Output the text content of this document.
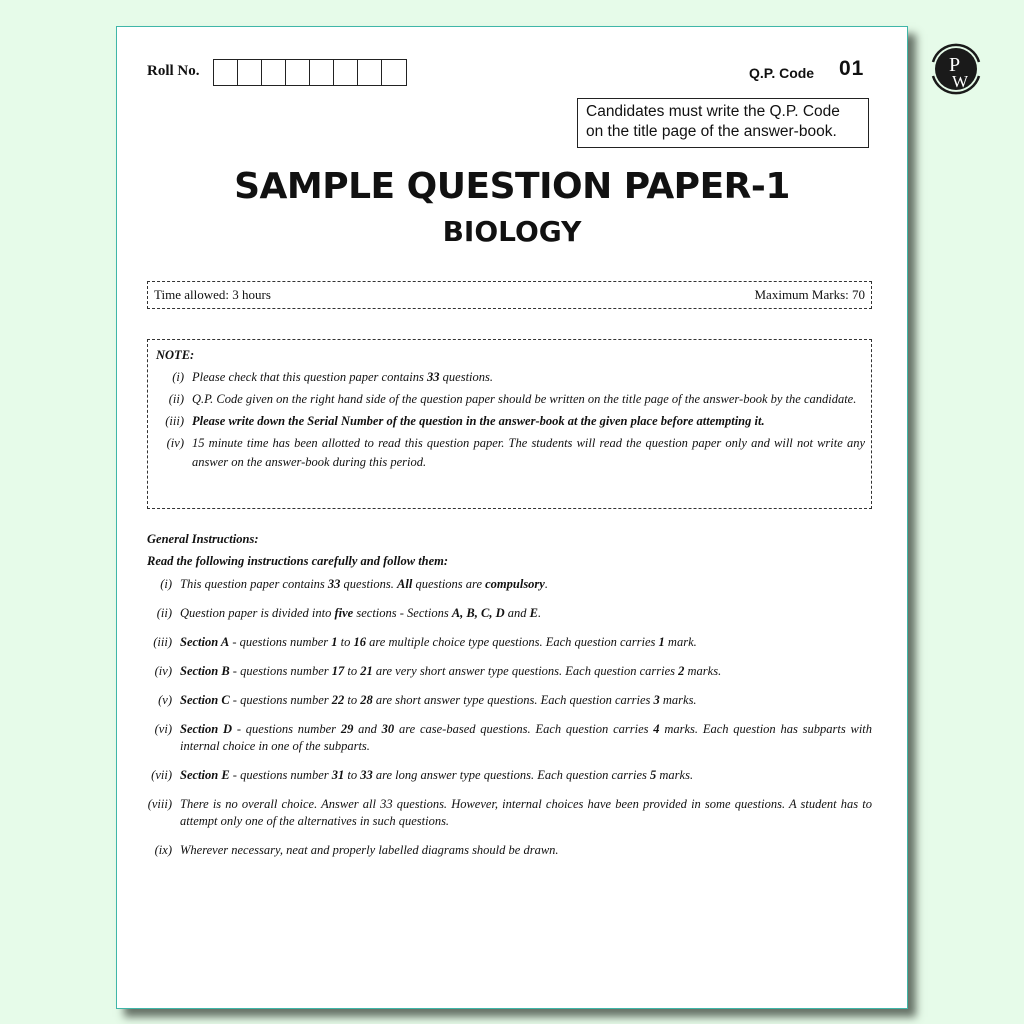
Roll No.	Q.P. Code 01
Candidates must write the Q.P. Code
on the title page of the answer-book.
SAMPLE QUESTION PAPER-1
BIOLOGY
Time allowed: 3 hours	Maximum Marks: 70
NOTE:
(i) Please check that this question paper contains 33 questions.
(ii) Q.P. Code given on the right hand side of the question paper should be written on the title page of the answer-book by the candidate.
(iii) Please write down the Serial Number of the question in the answer-book at the given place before attempting it.
(iv) 15 minute time has been allotted to read this question paper. The students will read the question paper only and will not write any answer on the answer-book during this period.
General Instructions:
Read the following instructions carefully and follow them:
(i) This question paper contains 33 questions. All questions are compulsory.
(ii) Question paper is divided into five sections - Sections A, B, C, D and E.
(iii) Section A - questions number 1 to 16 are multiple choice type questions. Each question carries 1 mark.
(iv) Section B - questions number 17 to 21 are very short answer type questions. Each question carries 2 marks.
(v) Section C - questions number 22 to 28 are short answer type questions. Each question carries 3 marks.
(vi) Section D - questions number 29 and 30 are case-based questions. Each question carries 4 marks. Each question has subparts with internal choice in one of the subparts.
(vii) Section E - questions number 31 to 33 are long answer type questions. Each question carries 5 marks.
(viii) There is no overall choice. Answer all 33 questions. However, internal choices have been provided in some questions. A student has to attempt only one of the alternatives in such questions.
(ix) Wherever necessary, neat and properly labelled diagrams should be drawn.
P
W
